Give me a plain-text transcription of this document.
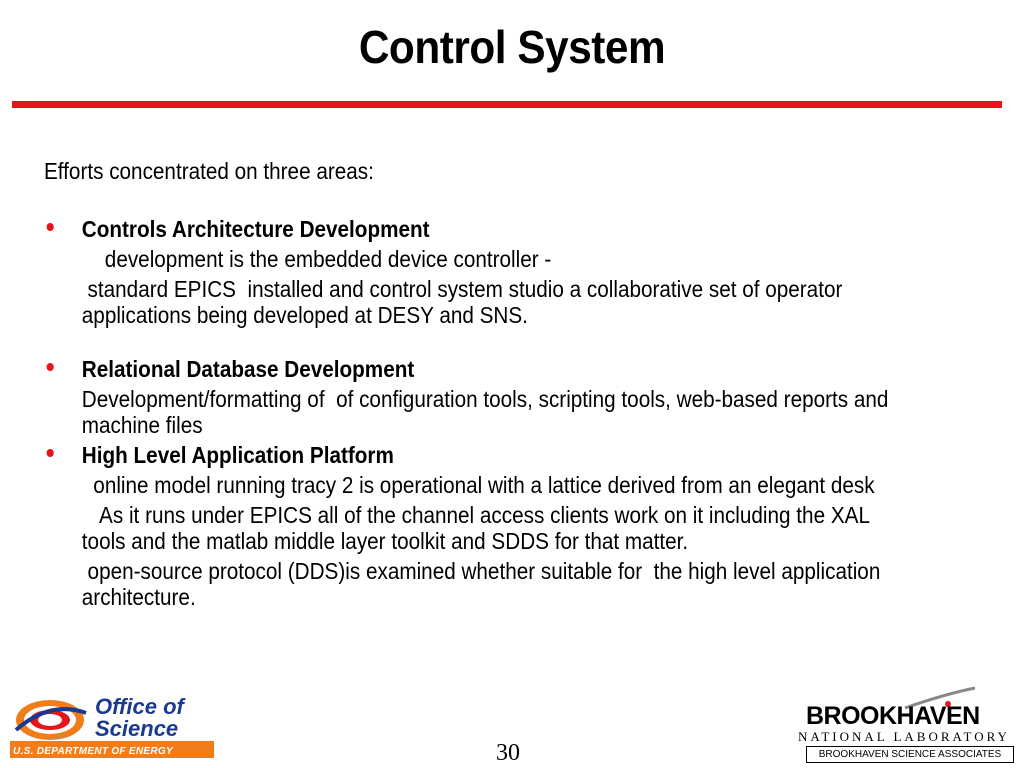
Control System

Efforts concentrated on three areas:

• Controls Architecture Development

development is the embedded device controller -

standard EPICS  installed and control system studio a collaborative set of operator applications being developed at DESY and SNS.

• Relational Database Development

Development/formatting of  of configuration tools, scripting tools, web-based reports and machine files

• High Level Application Platform

online model running tracy 2 is operational with a lattice derived from an elegant desk

As it runs under EPICS all of the channel access clients work on it including the XAL tools and the matlab middle layer toolkit and SDDS for that matter.

open-source protocol (DDS)is examined whether suitable for  the high level application architecture.

Office of
Science
U.S. DEPARTMENT OF ENERGY	30
BROOKHAVEN
NATIONAL LABORATORY
BROOKHAVEN SCIENCE ASSOCIATES
